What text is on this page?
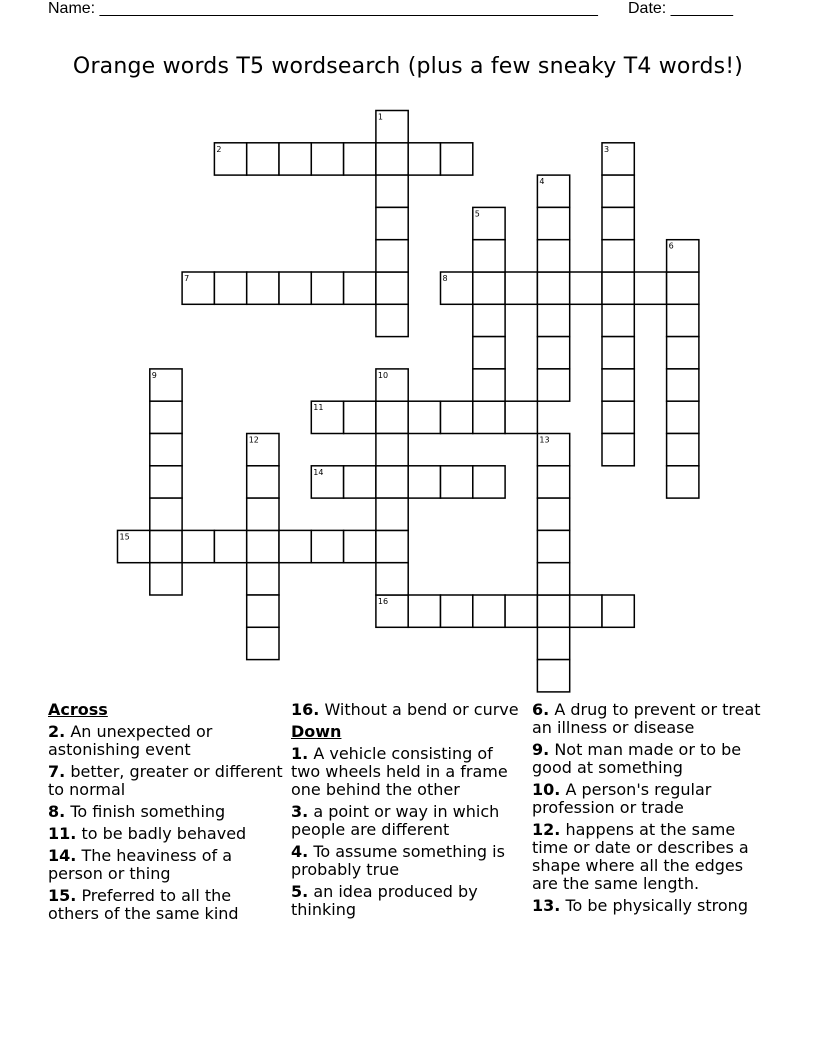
Name: ________________________________________________________ Date: _______
Orange words T5 wordsearch (plus a few sneaky T4 words!)
2
7	8
11
14
15
16
1
3
4
5
6
9	10
12	13
Across
2. An unexpected or astonishing event
7. better, greater or different to normal
8. To finish something
11. to be badly behaved
14. The heaviness of a person or thing
15. Preferred to all the others of the same kind
16. Without a bend or curve
Down
1. A vehicle consisting of two wheels held in a frame one behind the other
3. a point or way in which people are different
4. To assume something is probably true
5. an idea produced by thinking
6. A drug to prevent or treat an illness or disease
9. Not man made or to be good at something
10. A person's regular profession or trade
12. happens at the same time or date or describes a shape where all the edges are the same length.
13. To be physically strong
